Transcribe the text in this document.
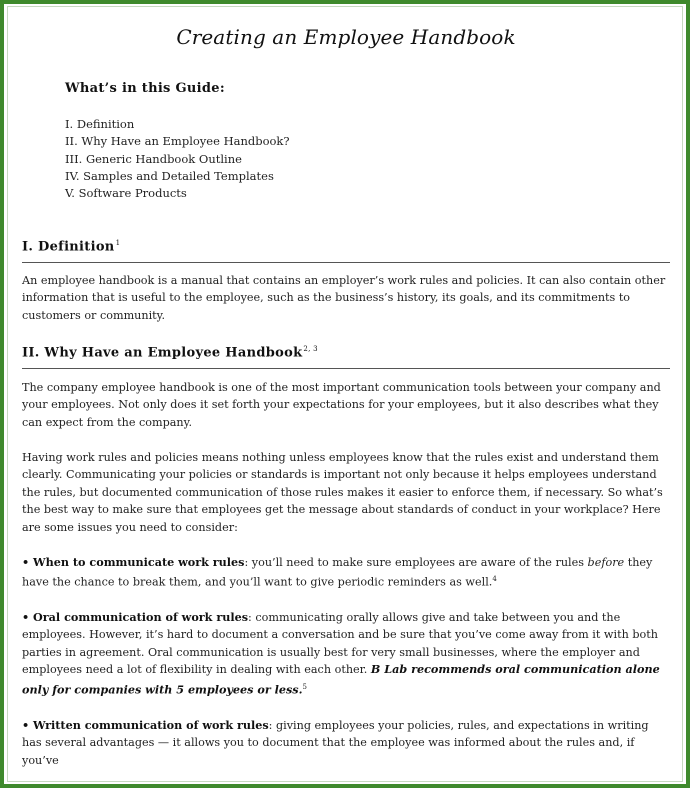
Creating an Employee Handbook
What’s in this Guide:
I. Definition
II. Why Have an Employee Handbook?
III. Generic Handbook Outline
IV. Samples and Detailed Templates
V. Software Products
I. Definition$^1$

An employee handbook is a manual that contains an employer’s work rules and policies. It can also contain other information that is useful to the employee, such as the business’s history, its goals, and its commitments to customers or community.

II. Why Have an Employee Handbook$^{2, 3}$

The company employee handbook is one of the most important communication tools between your company and your employees. Not only does it set forth your expectations for your employees, but it also describes what they can expect from the company.

Having work rules and policies means nothing unless employees know that the rules exist and understand them clearly. Communicating your policies or standards is important not only because it helps employees understand the rules, but documented communication of those rules makes it easier to enforce them, if necessary. So what’s the best way to make sure that employees get the message about standards of conduct in your workplace? Here are some issues you need to consider:

• When to communicate work rules: you’ll need to make sure employees are aware of the rules before they have the chance to break them, and you’ll want to give periodic reminders as well.$^4$

• Oral communication of work rules: communicating orally allows give and take between you and the employees. However, it’s hard to document a conversation and be sure that you’ve come away from it with both parties in agreement. Oral communication is usually best for very small businesses, where the employer and employees need a lot of flexibility in dealing with each other. B Lab recommends oral communication alone only for companies with 5 employees or less.$^5$

• Written communication of work rules: giving employees your policies, rules, and expectations in writing has several advantages — it allows you to document that the employee was informed about the rules and, if you’ve
